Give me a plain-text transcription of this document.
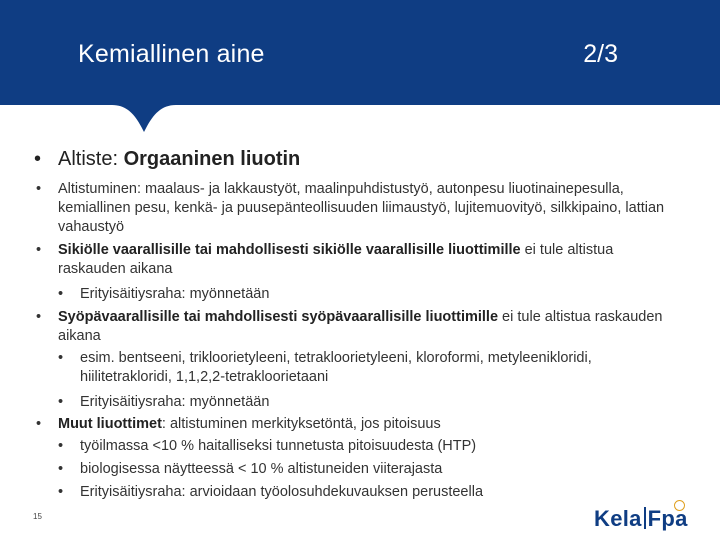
Kemiallinen aine	2/3
• Altiste: Orgaaninen liuotin
• Altistuminen: maalaus- ja lakkaustyöt, maalinpuhdistustyö, autonpesu liuotinainepesulla, kemiallinen pesu, kenkä- ja puusepänteollisuuden liimaustyö, lujitemuovityö, silkkipaino, lattian vahaustyö
• Sikiölle vaarallisille tai mahdollisesti sikiölle vaarallisille liuottimille ei tule altistua raskauden aikana
• Erityisäitiysraha: myönnetään
• Syöpävaarallisille tai mahdollisesti syöpävaarallisille liuottimille ei tule altistua raskauden aikana
• esim. bentseeni, trikloorietyleeni, tetrakloorietyleeni, kloroformi, metyleenikloridi, hiilitetrakloridi, 1,1,2,2-tetrakloorietaani
• Erityisäitiysraha: myönnetään
• Muut liuottimet: altistuminen merkityksetöntä, jos pitoisuus
• työilmassa <10 % haitalliseksi tunnetusta pitoisuudesta (HTP)
• biologisessa näytteessä < 10 % altistuneiden viiterajasta
• Erityisäitiysraha: arvioidaan työolosuhdekuvauksen perusteella
15	Kela Fpa
